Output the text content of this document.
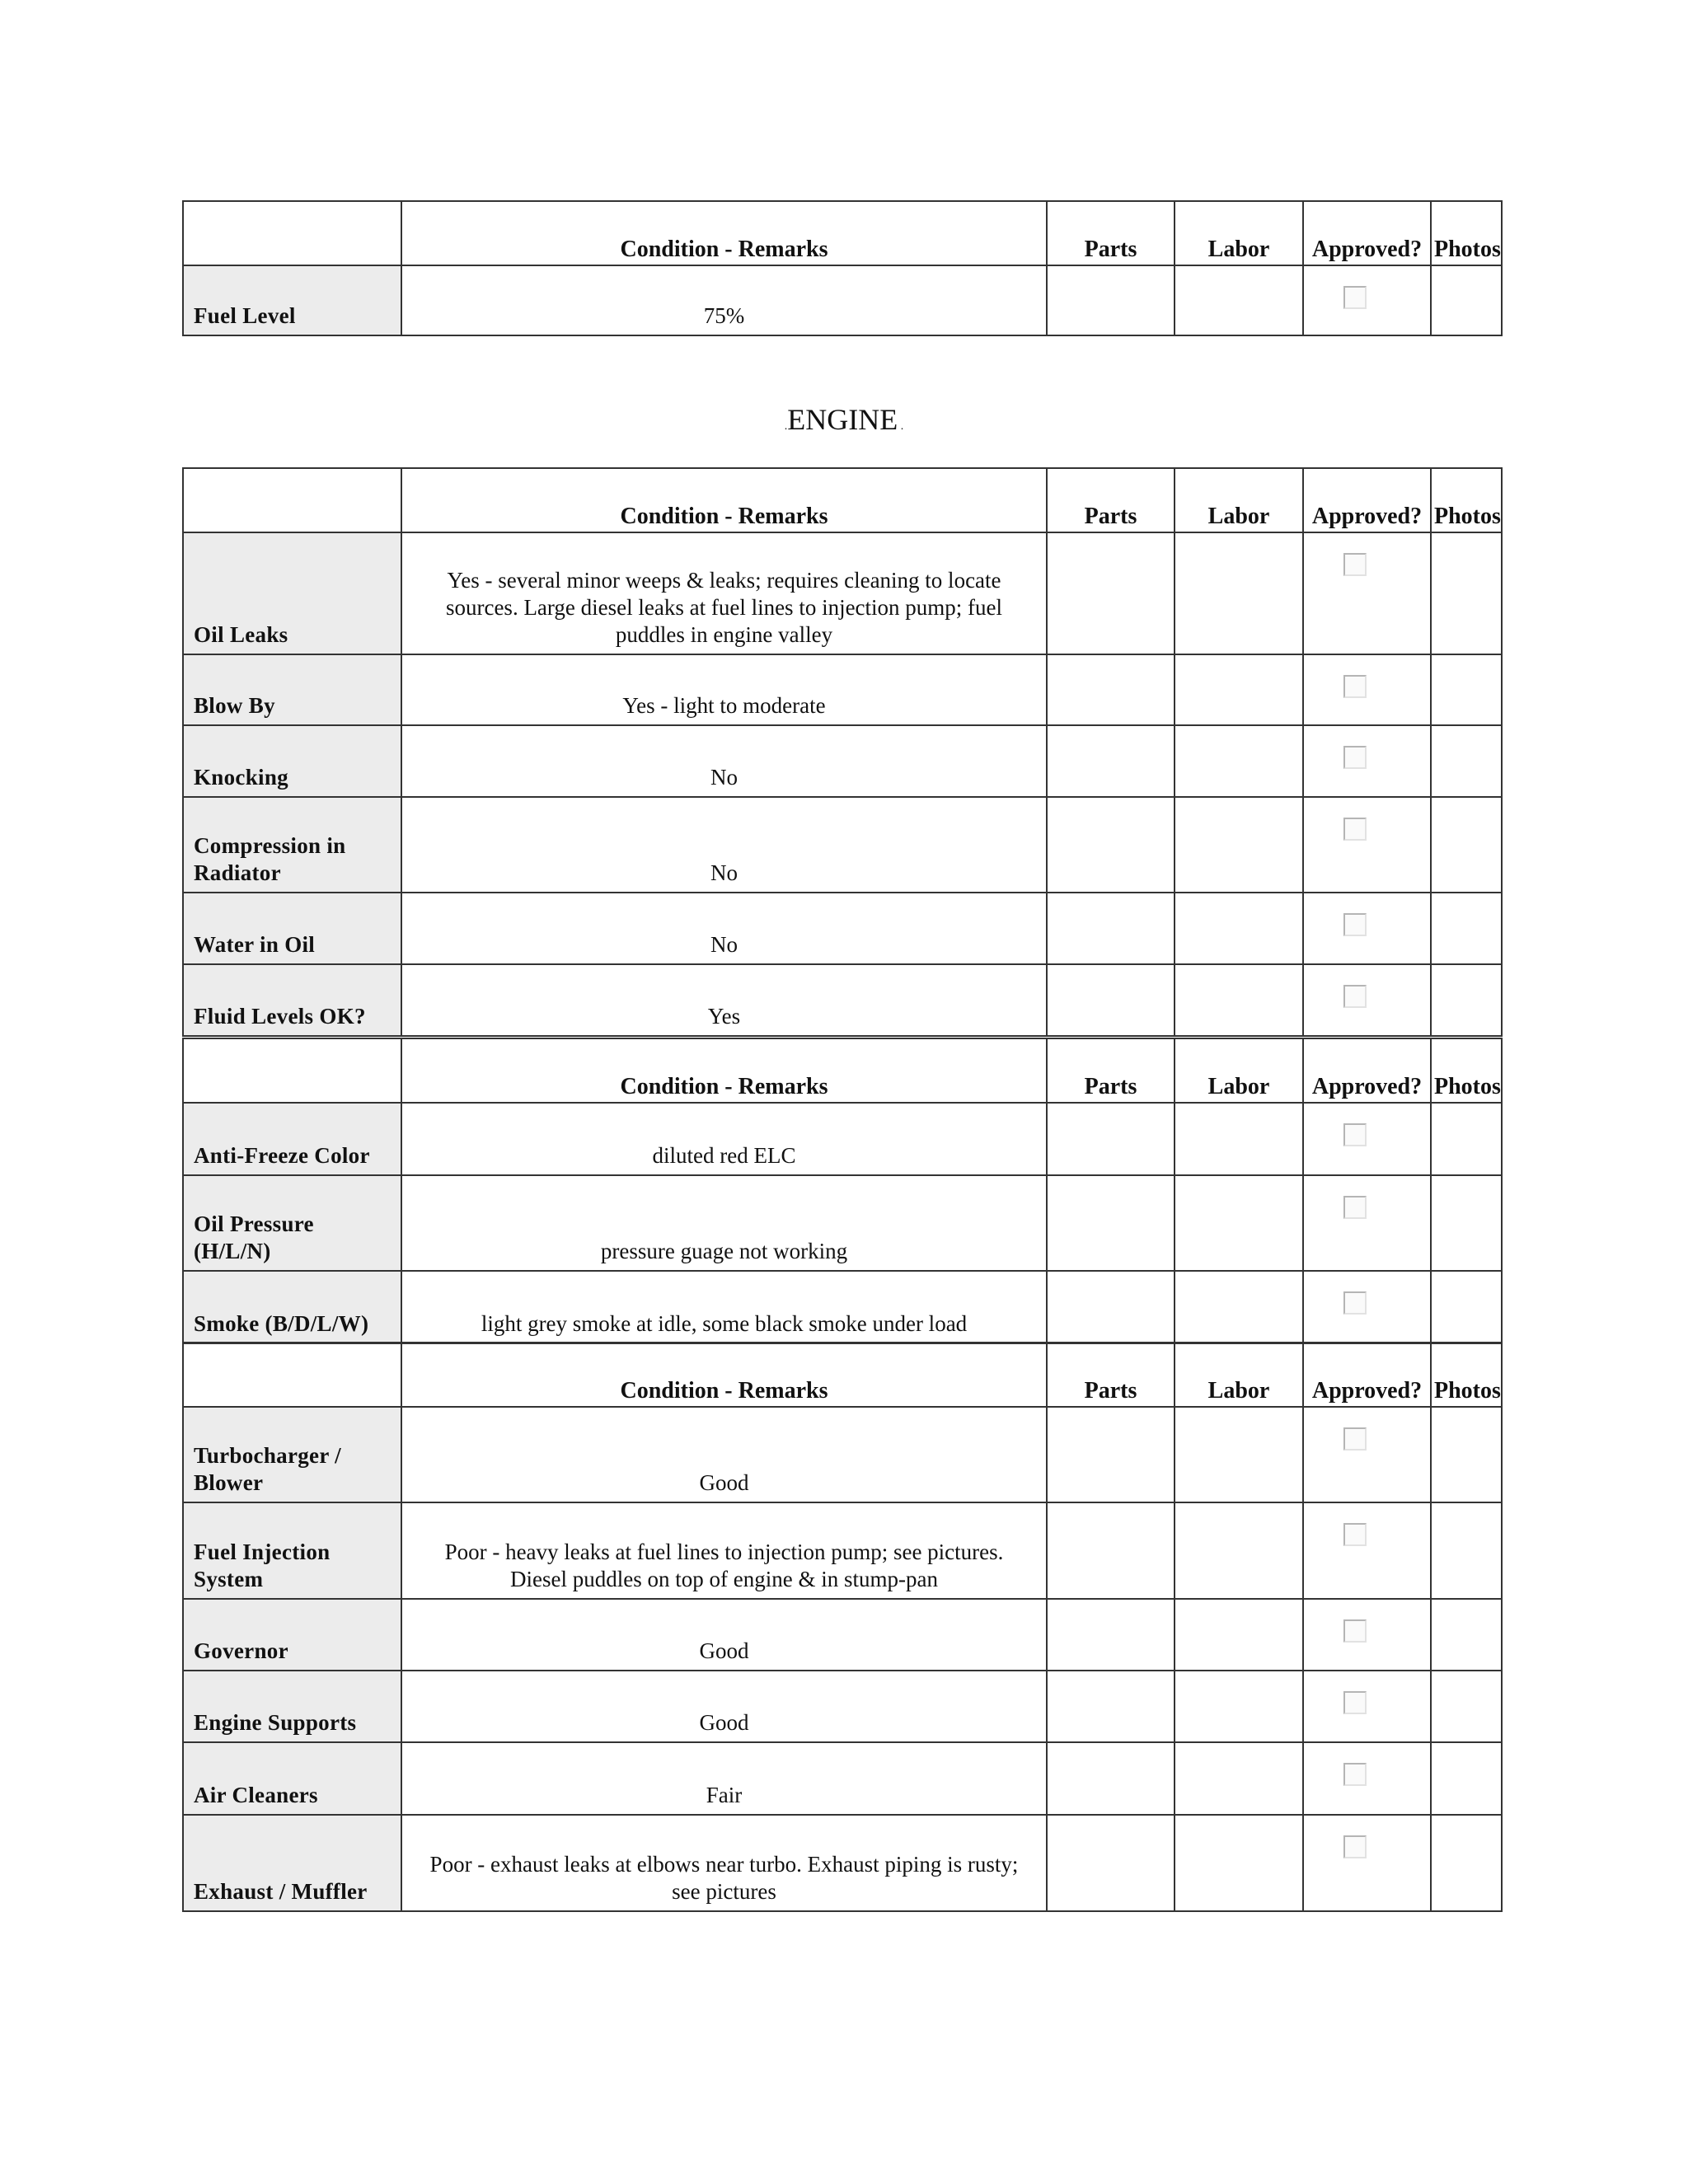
	Condition - Remarks	Parts	Labor	Approved?	Photos
Fuel Level	75%			

.ENGINE .
	Condition - Remarks	Parts	Labor	Approved?	Photos
Oil Leaks	Yes - several minor weeps & leaks; requires cleaning to locate sources. Large diesel leaks at fuel lines to injection pump; fuel puddles in engine valley			

Blow By	Yes - light to moderate			

Knocking	No			

Compression in Radiator	No			

Water in Oil	No			

Fluid Levels OK?	Yes			

	Condition - Remarks	Parts	Labor	Approved?	Photos
Anti-Freeze Color	diluted red ELC			

Oil Pressure (H/L/N)	pressure guage not working			

Smoke (B/D/L/W)	light grey smoke at idle, some black smoke under load			

	Condition - Remarks	Parts	Labor	Approved?	Photos
Turbocharger / Blower	Good			

Fuel Injection System	Poor - heavy leaks at fuel lines to injection pump; see pictures. Diesel puddles on top of engine & in stump-pan			

Governor	Good			

Engine Supports	Good			

Air Cleaners	Fair			

Exhaust / Muffler	Poor - exhaust leaks at elbows near turbo. Exhaust piping is rusty; see pictures			
